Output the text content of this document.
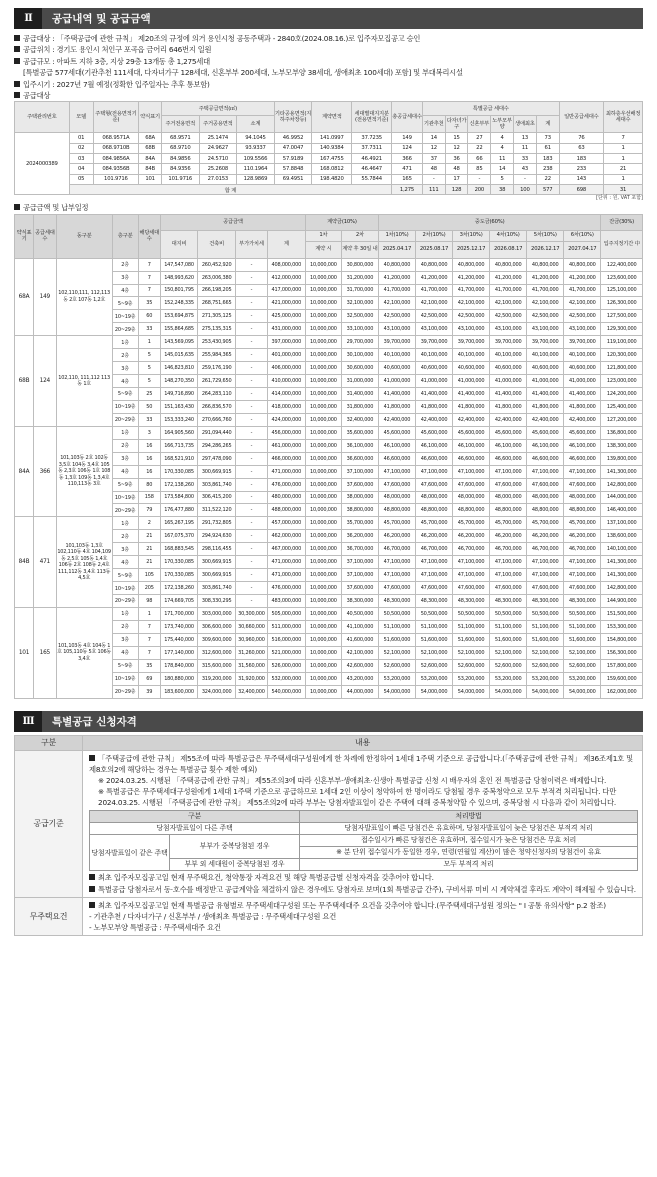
II	공급내역 및 공급금액
공급대상 : 「주택공급에 관한 규칙」 제20조의 규정에 의거 용인시청 공동주택과 - 2840호(2024.08.16.)로 입주자모집공고 승인
공급위치 : 경기도 용인시 처인구 포곡읍 금어리 646번지 일원
공급규모 : 아파트 지하 3층, 지상 29층 13개동 총 1,275세대
[특별공급 577세대(기관추천 111세대, 다자녀가구 128세대, 신혼부부 200세대, 노부모부양 38세대, 생애최초 100세대) 포함] 및 부대복리시설
입주시기 : 2027년 7월 예정(정확한 입주일자는 추후 통보함)
공급대상
주택관리번호	모델	주택형(전용면적기준)	약식표기	주택공급면적(㎡)			기타공용면적(지하주차장등)	계약면적	세대별대지지분(전용면적기준)	총공급세대수	특별공급 세대수						일반공급세대수	최하층우선배정세대수
				주거전용면적	주거공용면적	소계					기관추천	다자녀가구	신혼부부	노부모부양	생애최초	계		
2024000389	01	068.9571A	68A	68.9571	25.1474	94.1045	46.9952	141.0997	37.7235	149	14	15	27	4	13	73	76	7
	02	068.9710B	68B	68.9710	24.9627	93.9337	47.0047	140.9384	37.7311	124	12	12	22	4	11	61	63	1
	03	084.9856A	84A	84.9856	24.5710	109.5566	57.9189	167.4755	46.4921	366	37	36	66	11	33	183	183	1
	04	084.9356B	84B	84.9356	25.2608	110.1964	57.8848	168.0812	46.4647	471	48	48	85	14	43	238	233	21
	05	101.9716	101	101.9716	27.0153	128.9869	69.4951	198.4820	55.7844	165	-	17	-	5	-	22	143	1
	합 계									1,275	111	128	200	38	100	577	698	31
[단위 : 원, VAT 포함]
공급금액 및 납부일정
약식표기	공급세대수	동구분	층구분	해당세대수	공급금액				계약금(10%)		중도금(60%)						잔금(30%)
					대지비	건축비	부가가치세	계	1차	2차	1차(10%)	2차(10%)	3차(10%)	4차(10%)	5차(10%)	6차(10%)	입주지정기간 中
									계약 시	계약 후 30일 내	2025.04.17	2025.08.17	2025.12.17	2026.08.17	2026.12.17	2027.04.17	
68A	149	102,110,111, 112,113동 2호 107동 1,2호	2층	7	147,547,080	260,452,920	-	408,000,000	10,000,000	30,800,000	40,800,000	40,800,000	40,800,000	40,800,000	40,800,000	40,800,000	122,400,000
			3층	7	148,993,620	263,006,380	-	412,000,000	10,000,000	31,200,000	41,200,000	41,200,000	41,200,000	41,200,000	41,200,000	41,200,000	123,600,000
			4층	7	150,801,795	266,198,205	-	417,000,000	10,000,000	31,700,000	41,700,000	41,700,000	41,700,000	41,700,000	41,700,000	41,700,000	125,100,000
			5~9층	35	152,248,335	268,751,665	-	421,000,000	10,000,000	32,100,000	42,100,000	42,100,000	42,100,000	42,100,000	42,100,000	42,100,000	126,300,000
			10~19층	60	153,694,875	271,305,125	-	425,000,000	10,000,000	32,500,000	42,500,000	42,500,000	42,500,000	42,500,000	42,500,000	42,500,000	127,500,000
			20~29층	33	155,864,685	275,135,315	-	431,000,000	10,000,000	33,100,000	43,100,000	43,100,000	43,100,000	43,100,000	43,100,000	43,100,000	129,300,000
68B	124	102,110, 111,112 113동 1호	1층	1	143,569,095	253,430,905	-	397,000,000	10,000,000	29,700,000	39,700,000	39,700,000	39,700,000	39,700,000	39,700,000	39,700,000	119,100,000
			2층	5	145,015,635	255,984,365	-	401,000,000	10,000,000	30,100,000	40,100,000	40,100,000	40,100,000	40,100,000	40,100,000	40,100,000	120,300,000
			3층	5	146,823,810	259,176,190	-	406,000,000	10,000,000	30,600,000	40,600,000	40,600,000	40,600,000	40,600,000	40,600,000	40,600,000	121,800,000
			4층	5	148,270,350	261,729,650	-	410,000,000	10,000,000	31,000,000	41,000,000	41,000,000	41,000,000	41,000,000	41,000,000	41,000,000	123,000,000
			5~9층	25	149,716,890	264,283,110	-	414,000,000	10,000,000	31,400,000	41,400,000	41,400,000	41,400,000	41,400,000	41,400,000	41,400,000	124,200,000
			10~19층	50	151,163,430	266,836,570	-	418,000,000	10,000,000	31,800,000	41,800,000	41,800,000	41,800,000	41,800,000	41,800,000	41,800,000	125,400,000
			20~29층	33	153,333,240	270,666,760	-	424,000,000	10,000,000	32,400,000	42,400,000	42,400,000	42,400,000	42,400,000	42,400,000	42,400,000	127,200,000
84A	366	101,103동 2호 102동 3,5호 104동 3,4호 105동 2,3호 106동 1호 108동 1,3호 109동 1,3,4호 110,113동 3호	1층	3	164,905,560	291,094,440	-	456,000,000	10,000,000	35,600,000	45,600,000	45,600,000	45,600,000	45,600,000	45,600,000	45,600,000	136,800,000
			2층	16	166,713,735	294,286,265	-	461,000,000	10,000,000	36,100,000	46,100,000	46,100,000	46,100,000	46,100,000	46,100,000	46,100,000	138,300,000
			3층	16	168,521,910	297,478,090	-	466,000,000	10,000,000	36,600,000	46,600,000	46,600,000	46,600,000	46,600,000	46,600,000	46,600,000	139,800,000
			4층	16	170,330,085	300,669,915	-	471,000,000	10,000,000	37,100,000	47,100,000	47,100,000	47,100,000	47,100,000	47,100,000	47,100,000	141,300,000
			5~9층	80	172,138,260	303,861,740	-	476,000,000	10,000,000	37,600,000	47,600,000	47,600,000	47,600,000	47,600,000	47,600,000	47,600,000	142,800,000
			10~19층	158	173,584,800	306,415,200	-	480,000,000	10,000,000	38,000,000	48,000,000	48,000,000	48,000,000	48,000,000	48,000,000	48,000,000	144,000,000
			20~29층	79	176,477,880	311,522,120	-	488,000,000	10,000,000	38,800,000	48,800,000	48,800,000	48,800,000	48,800,000	48,800,000	48,800,000	146,400,000
84B	471	101,103동 1,3호 102,110동 4호 104,109동 2,5호 105동 1,4호 106동 2호 108동 2,4호 111,112동 3,4호 113동 4,5호	1층	2	165,267,195	291,732,805	-	457,000,000	10,000,000	35,700,000	45,700,000	45,700,000	45,700,000	45,700,000	45,700,000	45,700,000	137,100,000
			2층	21	167,075,370	294,924,630	-	462,000,000	10,000,000	36,200,000	46,200,000	46,200,000	46,200,000	46,200,000	46,200,000	46,200,000	138,600,000
			3층	21	168,883,545	298,116,455	-	467,000,000	10,000,000	36,700,000	46,700,000	46,700,000	46,700,000	46,700,000	46,700,000	46,700,000	140,100,000
			4층	21	170,330,085	300,669,915	-	471,000,000	10,000,000	37,100,000	47,100,000	47,100,000	47,100,000	47,100,000	47,100,000	47,100,000	141,300,000
			5~9층	105	170,330,085	300,669,915	-	471,000,000	10,000,000	37,100,000	47,100,000	47,100,000	47,100,000	47,100,000	47,100,000	47,100,000	141,300,000
			10~19층	205	172,138,260	303,861,740	-	476,000,000	10,000,000	37,600,000	47,600,000	47,600,000	47,600,000	47,600,000	47,600,000	47,600,000	142,800,000
			20~29층	98	174,669,705	308,330,295	-	483,000,000	10,000,000	38,300,000	48,300,000	48,300,000	48,300,000	48,300,000	48,300,000	48,300,000	144,900,000
101	165	101,103동 4호 104동 1호 105,110동 5호 106동 3,4호	1층	1	171,700,000	303,000,000	30,300,000	505,000,000	10,000,000	40,500,000	50,500,000	50,500,000	50,500,000	50,500,000	50,500,000	50,500,000	151,500,000
			2층	7	173,740,000	306,600,000	30,660,000	511,000,000	10,000,000	41,100,000	51,100,000	51,100,000	51,100,000	51,100,000	51,100,000	51,100,000	153,300,000
			3층	7	175,440,000	309,600,000	30,960,000	516,000,000	10,000,000	41,600,000	51,600,000	51,600,000	51,600,000	51,600,000	51,600,000	51,600,000	154,800,000
			4층	7	177,140,000	312,600,000	31,260,000	521,000,000	10,000,000	42,100,000	52,100,000	52,100,000	52,100,000	52,100,000	52,100,000	52,100,000	156,300,000
			5~9층	35	178,840,000	315,600,000	31,560,000	526,000,000	10,000,000	42,600,000	52,600,000	52,600,000	52,600,000	52,600,000	52,600,000	52,600,000	157,800,000
			10~19층	69	180,880,000	319,200,000	31,920,000	532,000,000	10,000,000	43,200,000	53,200,000	53,200,000	53,200,000	53,200,000	53,200,000	53,200,000	159,600,000
			20~29층	39	183,600,000	324,000,000	32,400,000	540,000,000	10,000,000	44,000,000	54,000,000	54,000,000	54,000,000	54,000,000	54,000,000	54,000,000	162,000,000
III	특별공급 신청자격
구분	내용
공급기준	
「주택공급에 관한 규칙」 제55조에 따라 특별공급은 무주택세대구성원에게 한 차례에 한정하여 1세대 1주택 기준으로 공급합니다.(「주택공급에 관한 규칙」 제36조제1호 및 제8호의2에 해당하는 경우는 특별공급 횟수 제한 예외)
※ 2024.03.25. 시행된 「주택공급에 관한 규칙」 제55조의3에 따라 신혼부부·생애최초·신생아 특별공급 신청 시 배우자의 혼인 전 특별공급 당첨이력은 배제합니다.
※ 특별공급은 무주택세대구성원에게 1세대 1주택 기준으로 공급하므로 1세대 2인 이상이 청약하여 한 명이라도 당첨될 경우 중복청약으로 모두 부적격 처리됩니다. 다만 2024.03.25. 시행된 「주택공급에 관한 규칙」 제55조의2에 따라 부부는 당첨자발표일이 같은 주택에 대해 중복청약할 수 있으며, 중복당첨 시 다음과 같이 처리합니다.
구분	처리방법
당첨자발표일이 다른 주택	당첨자발표일이 빠른 당첨건은 유효하며, 당첨자발표일이 늦은 당첨건은 부적격 처리
당첨자발표일이 같은 주택	부부가 중복당첨된 경우	접수일시가 빠른 당첨건은 유효하며, 접수일시가 늦은 당첨건은 무효 처리
※ 분 단위 접수일시가 동일한 경우, 연령(연월일 계산)이 많은 청약신청자의 당첨건이 유효
부부 외 세대원이 중복당첨된 경우	모두 부적격 처리
최초 입주자모집공고일 현재 무주택요건, 청약통장 자격요건 및 해당 특별공급별 신청자격을 갖추어야 합니다.
특별공급 당첨자로서 동·호수를 배정받고 공급계약을 체결하지 않은 경우에도 당첨자로 보며(1회 특별공급 간주), 구비서류 미비 시 계약체결 후라도 계약이 해제될 수 있습니다.

무주택요건	
최초 입주자모집공고일 현재 특별공급 유형별로 무주택세대구성원 또는 무주택세대주 요건을 갖추어야 합니다.(무주택세대구성원 정의는 " I 공통 유의사항" p.2 참조)
- 기관추천 / 다자녀가구 / 신혼부부 / 생애최초 특별공급 : 무주택세대구성원 요건
- 노부모부양 특별공급 : 무주택세대주 요건
